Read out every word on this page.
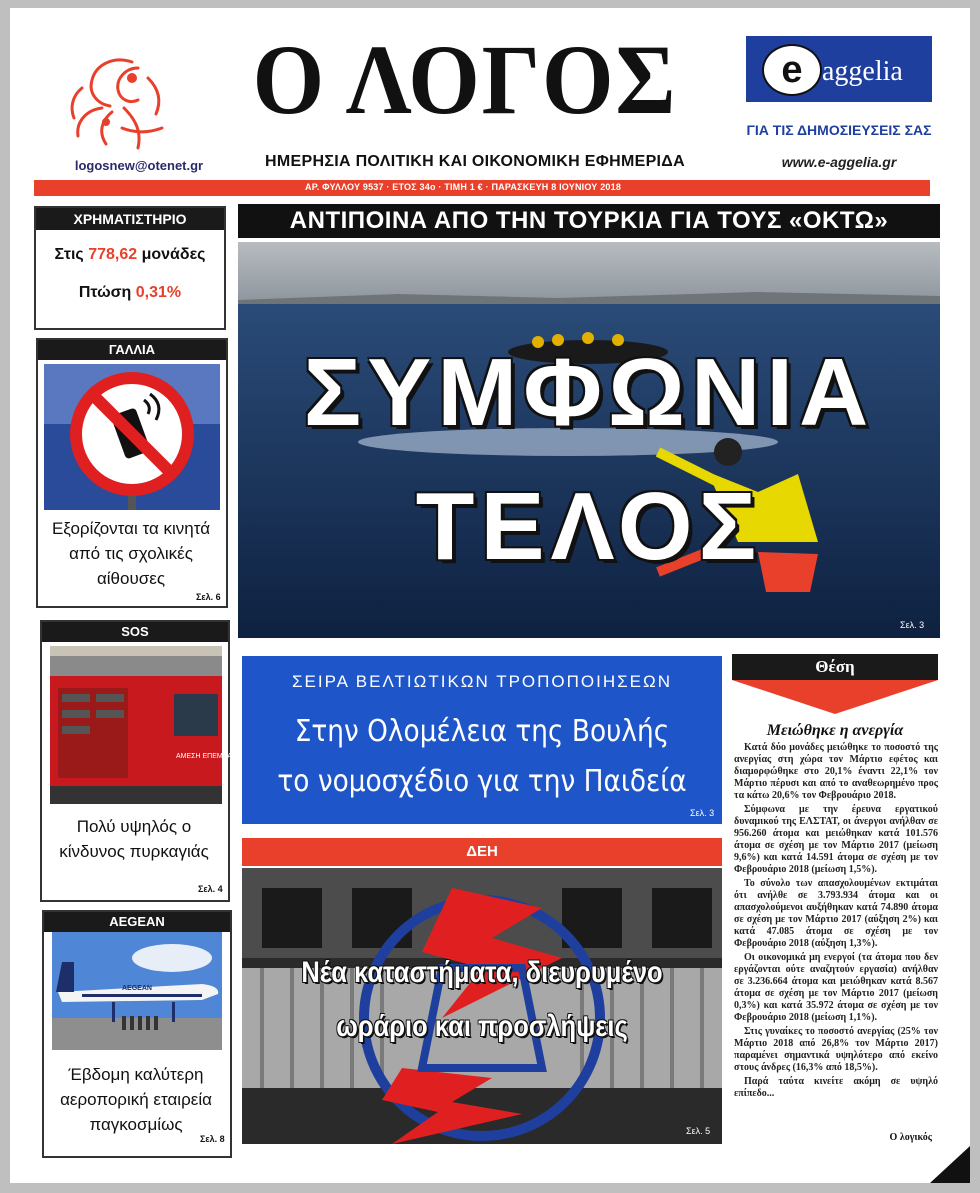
logosnew@otenet.gr
Ο ΛΟΓΟΣ
ΗΜΕΡΗΣΙΑ ΠΟΛΙΤΙΚΗ ΚΑΙ ΟΙΚΟΝΟΜΙΚΗ ΕΦΗΜΕΡΙΔΑ
e aggelia
ΓΙΑ ΤΙΣ ΔΗΜΟΣΙΕΥΣΕΙΣ ΣΑΣ
www.e-aggelia.gr
ΑΡ. ΦΥΛΛΟΥ 9537 · ΕΤΟΣ 34ο · ΤΙΜΗ 1 € · ΠΑΡΑΣΚΕΥΗ 8 ΙΟΥΝΙΟΥ 2018
ΧΡΗΜΑΤΙΣΤΗΡΙΟ
Στις 778,62 μονάδες
Πτώση 0,31%
ΓΑΛΛΙΑ
Εξορίζονται τα κινητά από τις σχολικές αίθουσες
Σελ. 6
SOS
ΑΜΕΣΗ ΕΠΕΜΒΑΣΗ
Πολύ υψηλός ο κίνδυνος πυρκαγιάς
Σελ. 4
AEGEAN
AEGEAN
Έβδομη καλύτερη αεροπορική εταιρεία παγκοσμίως
Σελ. 8
ΑΝΤΙΠΟΙΝΑ ΑΠΟ ΤΗΝ ΤΟΥΡΚΙΑ ΓΙΑ ΤΟΥΣ «ΟΚΤΩ»
ΣΥΜΦΩΝΙΑ
ΤΕΛΟΣ
Σελ. 3
ΣΕΙΡΑ ΒΕΛΤΙΩΤΙΚΩΝ ΤΡΟΠΟΠΟΙΗΣΕΩΝ
Στην Ολομέλεια της Βουλής
το νομοσχέδιο για την Παιδεία
Σελ. 3
ΔΕΗ
Νέα καταστήματα, διευρυμένο
ωράριο και προσλήψεις
Σελ. 5
Θέση
Μειώθηκε η ανεργία

Κατά δύο μονάδες μειώθηκε το ποσοστό της ανεργίας στη χώρα τον Μάρτιο εφέτος και διαμορφώθηκε στο 20,1% έναντι 22,1% τον Μάρτιο πέρυσι και από το αναθεωρημένο προς τα κάτω 20,6% τον Φεβρουάριο 2018.

Σύμφωνα με την έρευνα εργατικού δυναμικού της ΕΛΣΤΑΤ, οι άνεργοι ανήλθαν σε 956.260 άτομα και μειώθηκαν κατά 101.576 άτομα σε σχέση με τον Μάρτιο 2017 (μείωση 9,6%) και κατά 14.591 άτομα σε σχέση με τον Φεβρουάριο 2018 (μείωση 1,5%).

Το σύνολο των απασχολουμένων εκτιμάται ότι ανήλθε σε 3.793.934 άτομα και οι απασχολούμενοι αυξήθηκαν κατά 74.890 άτομα σε σχέση με τον Μάρτιο 2017 (αύξηση 2%) και κατά 47.085 άτομα σε σχέση με τον Φεβρουάριο 2018 (αύξηση 1,3%).

Οι οικονομικά μη ενεργοί (τα άτομα που δεν εργάζονται ούτε αναζητούν εργασία) ανήλθαν σε 3.236.664 άτομα και μειώθηκαν κατά 8.567 άτομα σε σχέση με τον Μάρτιο 2017 (μείωση 0,3%) και κατά 35.972 άτομα σε σχέση με τον Φεβρουάριο 2018 (μείωση 1,1%).

Στις γυναίκες το ποσοστό ανεργίας (25% τον Μάρτιο 2018 από 26,8% τον Μάρτιο 2017) παραμένει σημαντικά υψηλότερο από εκείνο στους άνδρες (16,3% από 18,5%).

Παρά ταύτα κινείτε ακόμη σε υψηλό επίπεδο...

Ο λογικός
